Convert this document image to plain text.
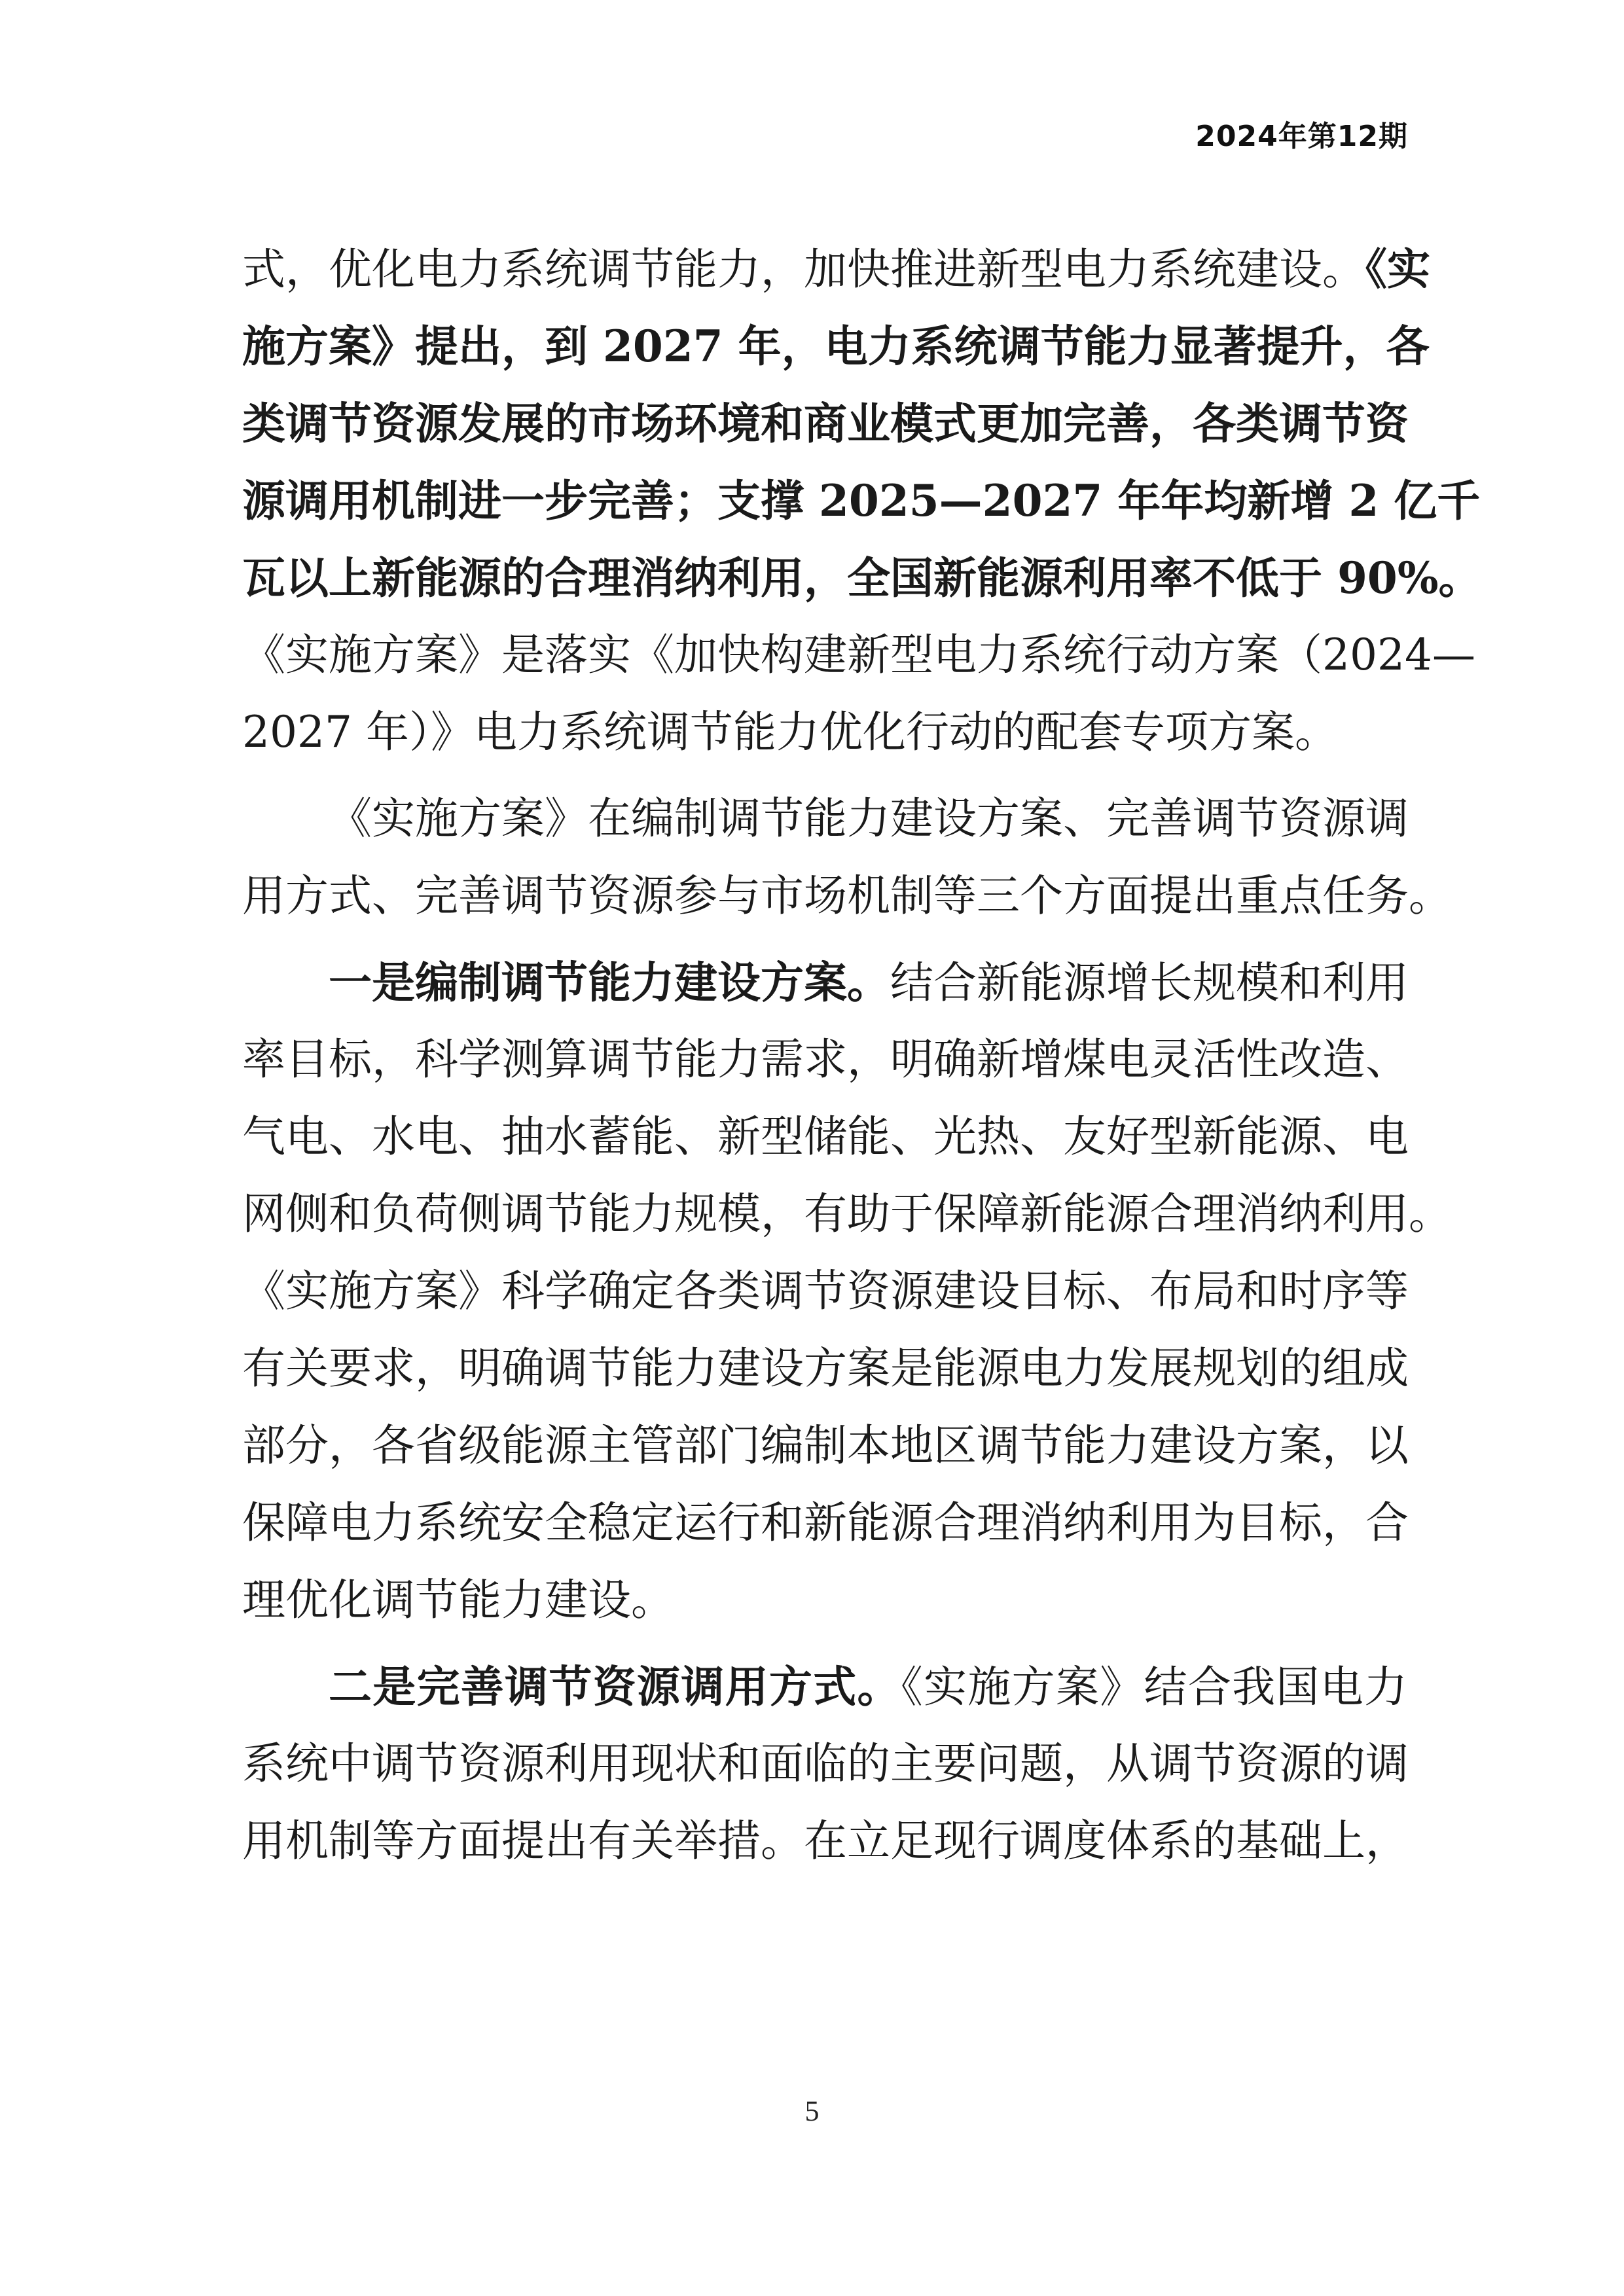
2024年第12期
式，优化电力系统调节能力，加快推进新型电力系统建设。《实
施方案》提出，到 2027 年，电力系统调节能力显著提升，各
类调节资源发展的市场环境和商业模式更加完善，各类调节资
源调用机制进一步完善；支撑 2025—2027 年年均新增 2 亿千
瓦以上新能源的合理消纳利用，全国新能源利用率不低于 90%。
《实施方案》是落实《加快构建新型电力系统行动方案（2024—
2027 年）》电力系统调节能力优化行动的配套专项方案。
《实施方案》在编制调节能力建设方案、完善调节资源调
用方式、完善调节资源参与市场机制等三个方面提出重点任务。
一是编制调节能力建设方案。结合新能源增长规模和利用
率目标，科学测算调节能力需求，明确新增煤电灵活性改造、
气电、水电、抽水蓄能、新型储能、光热、友好型新能源、电
网侧和负荷侧调节能力规模，有助于保障新能源合理消纳利用。
《实施方案》科学确定各类调节资源建设目标、布局和时序等
有关要求，明确调节能力建设方案是能源电力发展规划的组成
部分，各省级能源主管部门编制本地区调节能力建设方案，以
保障电力系统安全稳定运行和新能源合理消纳利用为目标，合
理优化调节能力建设。
二是完善调节资源调用方式。《实施方案》结合我国电力
系统中调节资源利用现状和面临的主要问题，从调节资源的调
用机制等方面提出有关举措。在立足现行调度体系的基础上，
5
